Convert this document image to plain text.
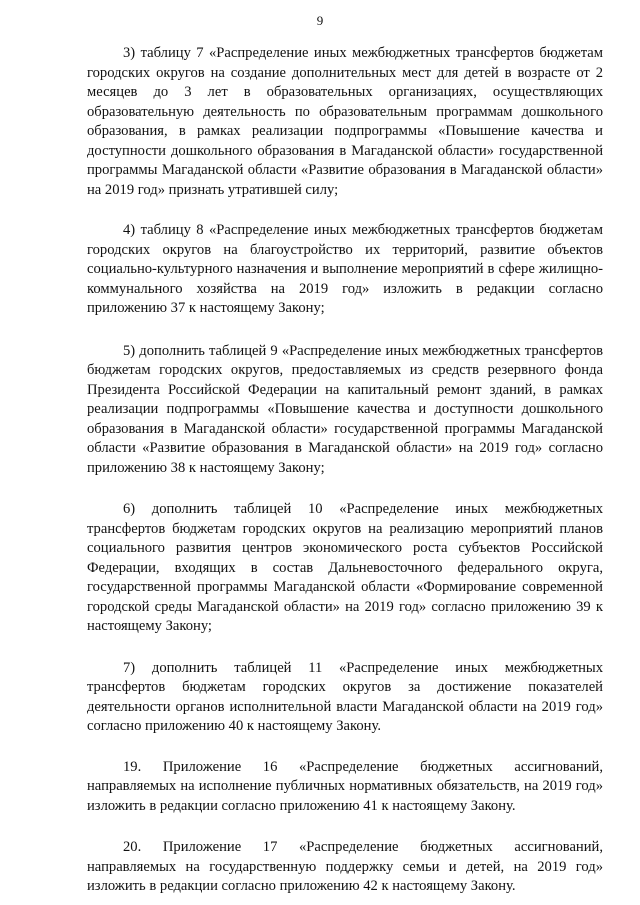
9

3) таблицу 7 «Распределение иных межбюджетных трансфертов бюджетам городских округов на создание дополнительных мест для детей в возрасте от 2 месяцев до 3 лет в образовательных организациях, осуществляющих образовательную деятельность по образовательным программам дошкольного образования, в рамках реализации подпрограммы «Повышение качества и доступности дошкольного образования в Магаданской области» государственной программы Магаданской области «Развитие образования в Магаданской области» на 2019 год» признать утратившей силу;

4) таблицу 8 «Распределение иных межбюджетных трансфертов бюджетам городских округов на благоустройство их территорий, развитие объектов социально-культурного назначения и выполнение мероприятий в сфере жилищно-коммунального хозяйства на 2019 год» изложить в редакции согласно приложению 37 к настоящему Закону;

5) дополнить таблицей 9 «Распределение иных межбюджетных трансфертов бюджетам городских округов, предоставляемых из средств резервного фонда Президента Российской Федерации на капитальный ремонт зданий, в рамках реализации подпрограммы «Повышение качества и доступности дошкольного образования в Магаданской области» государственной программы Магаданской области «Развитие образования в Магаданской области» на 2019 год» согласно приложению 38 к настоящему Закону;

6) дополнить таблицей 10 «Распределение иных межбюджетных трансфертов бюджетам городских округов на реализацию мероприятий планов социального развития центров экономического роста субъектов Российской Федерации, входящих в состав Дальневосточного федерального округа, государственной программы Магаданской области «Формирование современной городской среды Магаданской области» на 2019 год» согласно приложению 39 к настоящему Закону;

7) дополнить таблицей 11 «Распределение иных межбюджетных трансфертов бюджетам городских округов за достижение показателей деятельности органов исполнительной власти Магаданской области на 2019 год» согласно приложению 40 к настоящему Закону.

19. Приложение 16 «Распределение бюджетных ассигнований, направляемых на исполнение публичных нормативных обязательств, на 2019 год» изложить в редакции согласно приложению 41 к настоящему Закону.

20. Приложение 17 «Распределение бюджетных ассигнований, направляемых на государственную поддержку семьи и детей, на 2019 год» изложить в редакции согласно приложению 42 к настоящему Закону.
